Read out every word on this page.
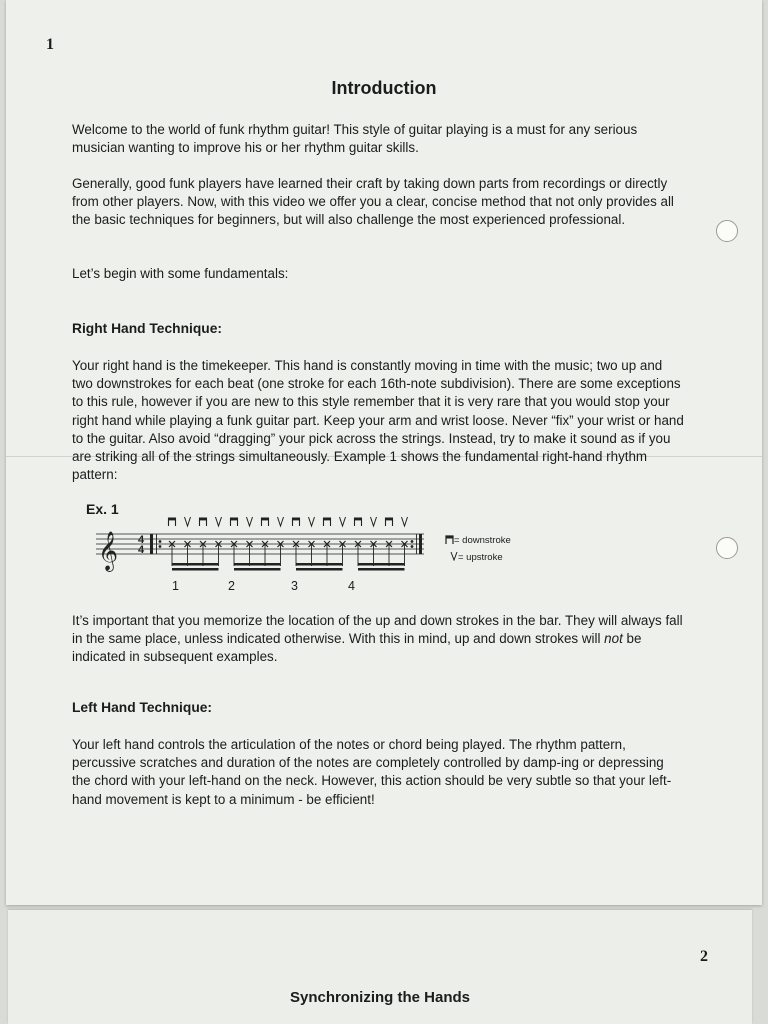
1
Introduction
Welcome to the world of funk rhythm guitar! This style of guitar playing is a must for any serious musician wanting to improve his or her rhythm guitar skills.
Generally, good funk players have learned their craft by taking down parts from recordings or directly from other players. Now, with this video we offer you a clear, concise method that not only provides all the basic techniques for beginners, but will also challenge the most experienced professional.
Let’s begin with some fundamentals:
Right Hand Technique:
Your right hand is the timekeeper. This hand is constantly moving in time with the music; two up and two downstrokes for each beat (one stroke for each 16th-note subdivision). There are some exceptions to this rule, however if you are new to this style remember that it is very rare that you would stop your right hand while playing a funk guitar part. Keep your arm and wrist loose. Never “fix” your wrist or hand to the guitar. Also avoid “dragging” your pick across the strings. Instead, try to make it sound as if you are striking all of the strings simultaneously. Example 1 shows the fundamental right-hand rhythm pattern:
Ex. 1
𝄞 4
4
1	2	3	4
= downstroke
= upstroke
It’s important that you memorize the location of the up and down strokes in the bar. They will always fall in the same place, unless indicated otherwise. With this in mind, up and down strokes will not be indicated in subsequent examples.
Left Hand Technique:
Your left hand controls the articulation of the notes or chord being played. The rhythm pattern, percussive scratches and duration of the notes are completely controlled by damp-ing or depressing the chord with your left-hand on the neck. However, this action should be very subtle so that your left-hand movement is kept to a minimum - be efficient!
2
Synchronizing the Hands
